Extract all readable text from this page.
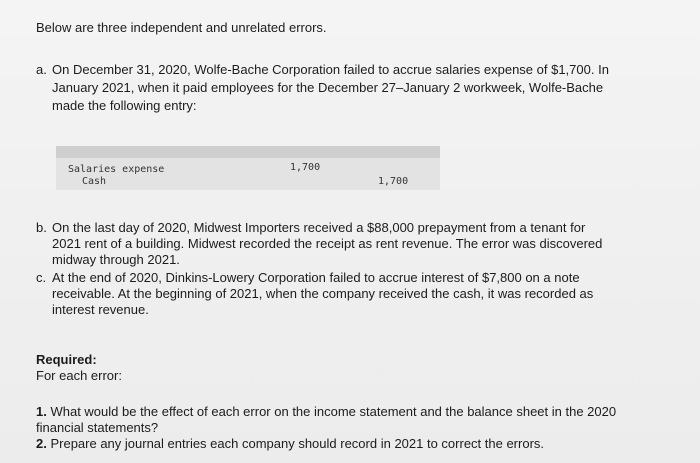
Below are three independent and unrelated errors.
a. On December 31, 2020, Wolfe-Bache Corporation failed to accrue salaries expense of $1,700. In
January 2021, when it paid employees for the December 27–January 2 workweek, Wolfe-Bache
made the following entry:
Salaries expense
Cash
1,700
1,700
b. On the last day of 2020, Midwest Importers received a $88,000 prepayment from a tenant for
2021 rent of a building. Midwest recorded the receipt as rent revenue. The error was discovered
midway through 2021.
c. At the end of 2020, Dinkins-Lowery Corporation failed to accrue interest of $7,800 on a note
receivable. At the beginning of 2021, when the company received the cash, it was recorded as
interest revenue.
Required:
For each error:
1. What would be the effect of each error on the income statement and the balance sheet in the 2020
financial statements?
2. Prepare any journal entries each company should record in 2021 to correct the errors.
